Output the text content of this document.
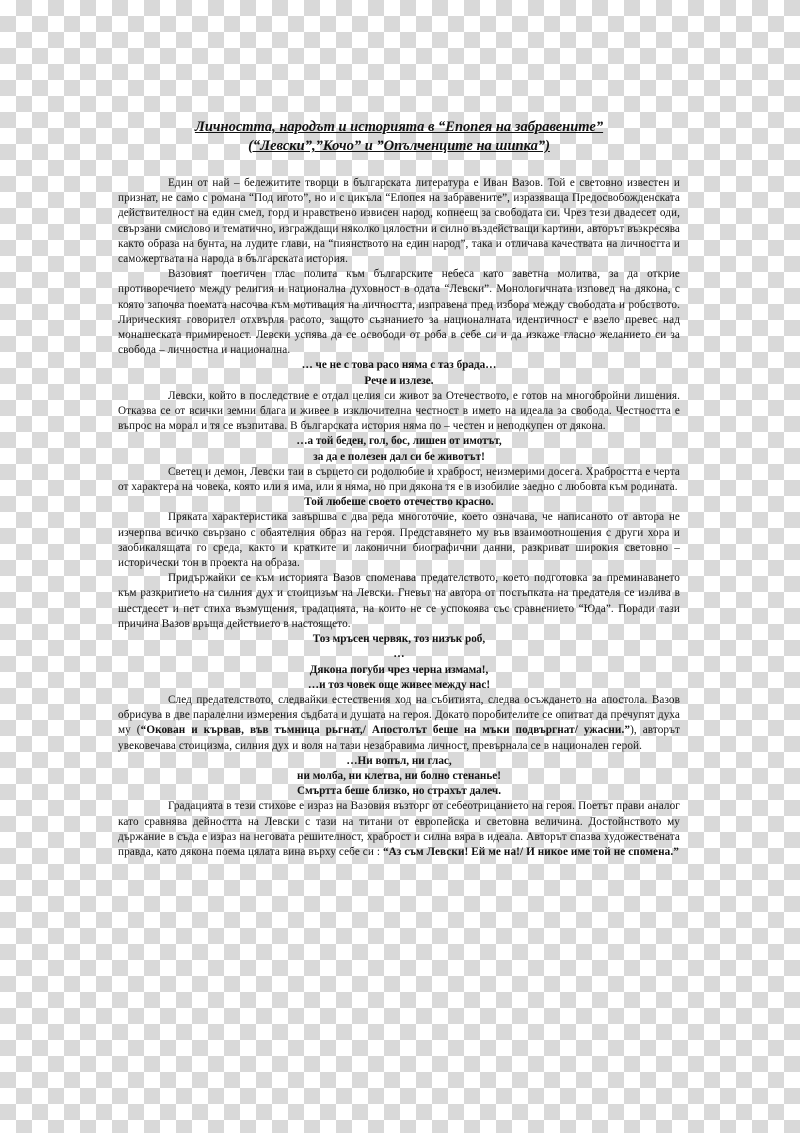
Личността, народът и историята в “Епопея на забравените”
(“Левски”,”Кочо” и ”Опълченците на шипка”)

Един от най – бележитите творци в българската литература е Иван Вазов. Той е световно известен и признат, не само с романа “Под игото”, но и с цикъла “Епопея на забравените”, изразяваща Предосвобожденската действителност на един смел, горд и нравствено извисен народ, копнеещ за свободата си. Чрез тези двадесет оди, свързани смислово и тематично, изграждащи няколко цялостни и силно въздействащи картини, авторът възкресява както образа на бунта, на лудите глави, на “пиянството на един народ”, така и отличава качествата на личността и саможертвата на народа в българската история.

Вазовият поетичен глас полита към българските небеса като заветна молитва, за да открие противоречието между религия и национална духовност в одата “Левски”. Монологичната изповед на дякона, с която започва поемата насочва към мотивация на личността, изправена пред избора между свободата и робството. Лирическият говорител отхвърля расото, защото съзнанието за националната идентичност е взело превес над монашеската примиреност. Левски успява да се освободи от роба в себе си и да изкаже гласно желанието си за свобода – личностна и национална.

… че не с това расо няма с таз брада…
Рече и излезе.

Левски, който в последствие е отдал целия си живот за Отечеството, е готов на многобройни лишения. Отказва се от всички земни блага и живее в изключителна честност в името на идеала за свобода. Честността е въпрос на морал и тя се възпитава. В българската история няма по – честен и неподкупен от дякона.

…а той беден, гол, бос, лишен от имотът,
за да е полезен дал си бе животът!

Светец и демон, Левски таи в сърцето си родолюбие и храброст, неизмерими досега. Храбростта е черта от характера на човека, която или я има, или я няма, но при дякона тя е в изобилие заедно с любовта към родината.

Той любеше своето отечество красно.

Пряката характеристика завършва с два реда многоточие, което означава, че написаното от автора не изчерпва всичко свързано с обаятелния образ на героя. Представянето му във взаимоотношения с други хора и заобикалящата го среда, както и кратките и лаконични биографични данни, разкриват широкия световно – исторически тон в проекта на образа.

Придържайки се към историята Вазов споменава предателството, което подготовка за преминаването към разкритието на силния дух и стоицизъм на Левски. Гневът на автора от постъпката на предателя се излива в шестдесет и пет стиха възмущения, градацията, на които не се успокоява със сравнението “Юда”. Поради тази причина Вазов връща действието в настоящето.

Тоз мръсен червяк, тоз низък роб,
…
Дякона погуби чрез черна измама!,
…и тоз човек още живее между нас!

След предателството, следвайки естествения ход на събитията, следва осъждането на апостола. Вазов обрисува в две паралелни измерения съдбата и душата на героя. Докато поробителите се опитват да пречупят духа му (“Окован и кървав, във тъмница рьгнат,/ Апостолът беше на мъки подвъргнат/ ужасни.”), авторът увековечава стоицизма, силния дух и воля на тази незабравима личност, превърнала се в национален герой.

…Ни вопъл, ни глас,
ни молба, ни клетва, ни болно стенанье!
Смъртта беше близко, но страхът далеч.

Градацията в тези стихове е израз на Вазовия възторг от себеотрицанието на героя. Поетът прави аналог като сравнява дейността на Левски с тази на титани от европейска и световна величина. Достойнството му държание в съда е израз на неговата решителност, храброст и силна вяра в идеала. Авторът спазва художествената правда, като дякона поема цялата вина върху себе си : “Аз съм Левски! Ей ме на!/ И никое име той не спомена.”
